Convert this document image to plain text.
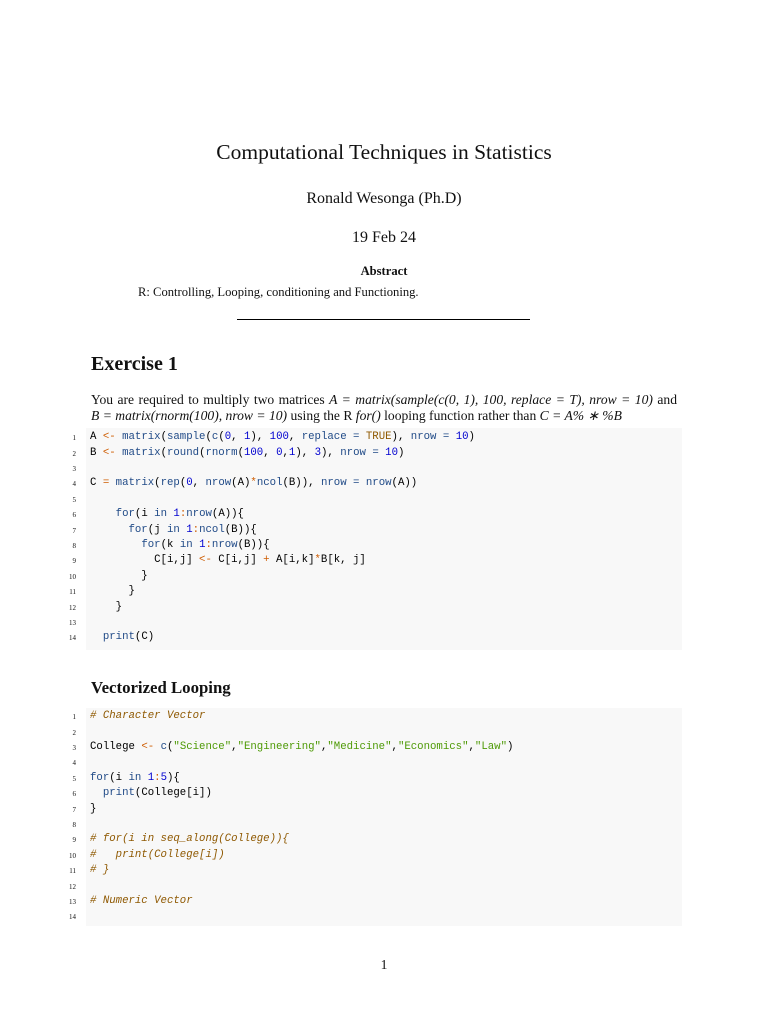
Computational Techniques in Statistics
Ronald Wesonga (Ph.D)
19 Feb 24
Abstract
R: Controlling, Looping, conditioning and Functioning.
Exercise 1
You are required to multiply two matrices A = matrix(sample(c(0, 1), 100, replace = T), nrow = 10) and
B = matrix(rnorm(100), nrow = 10) using the R for() looping function rather than C = A% ∗ %B
1 A <- matrix(sample(c(0, 1), 100, replace = TRUE), nrow = 10)
2 B <- matrix(round(rnorm(100, 0,1), 3), nrow = 10)
3
4 C = matrix(rep(0, nrow(A)*ncol(B)), nrow = nrow(A))
5
6	for(i in 1:nrow(A)){
7	for(j in 1:ncol(B)){
8	for(k in 1:nrow(B)){
9 C[i,j] <- C[i,j] + A[i,k]*B[k, j]
10 }
11 }
12 }
13
14	print(C)
Vectorized Looping
1 # Character Vector
2
3 College <- c("Science","Engineering","Medicine","Economics","Law")
4
5 for(i in 1:5){
6	print(College[i])
7 }
8
9 # for(i in seq_along(College)){
10 #   print(College[i])
11 # }
12
13 # Numeric Vector
14
1
